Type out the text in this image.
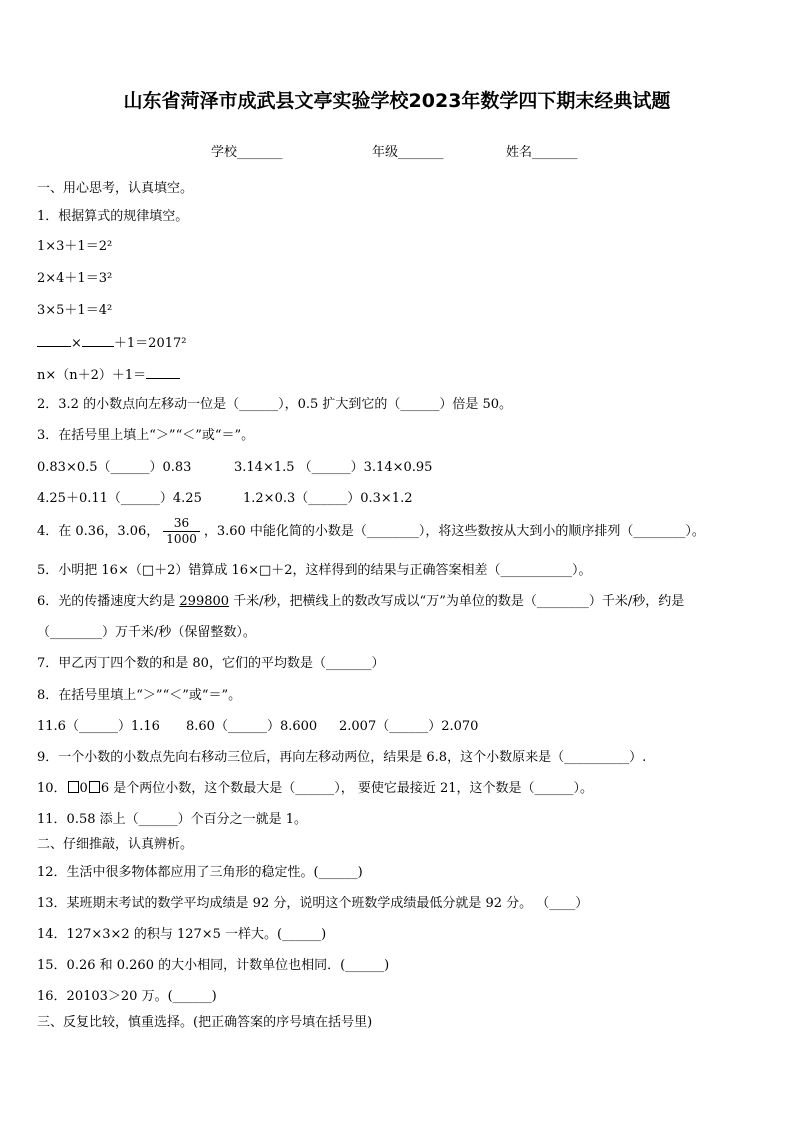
山东省菏泽市成武县文亭实验学校2023年数学四下期末经典试题
学校_______	年级_______	姓名_______
一、用心思考，认真填空。
1．根据算式的规律填空。
1×3＋1＝2²
2×4＋1＝3²
3×5＋1＝4²
× ＋1＝2017²
n×（n＋2）＋1＝
2．3.2 的小数点向左移动一位是（______），0.5 扩大到它的（______）倍是 50。
3．在括号里上填上“＞”“＜”或“＝”。
0.83×0.5（______）0.83	3.14×1.5 （______）3.14×0.95
4.25＋0.11（______）4.25	1.2×0.3（______）0.3×1.2
4．在 0.36，3.06， $\frac{36}{1000}$ ，3.60 中能化简的小数是（________），将这些数按从大到小的顺序排列（________）。
5．小明把 16×（□＋2）错算成 16×□＋2，这样得到的结果与正确答案相差（___________）。
6．光的传播速度大约是 299800 千米/秒，把横线上的数改写成以“万”为单位的数是（________）千米/秒，约是
（________）万千米/秒（保留整数）。
7．甲乙丙丁四个数的和是 80，它们的平均数是（_______）
8．在括号里填上“＞”“＜”或“＝”。
11.6（______）1.16 8.60（______）8.600 2.007（______）2.070
9．一个小数的小数点先向右移动三位后，再向左移动两位，结果是 6.8，这个小数原来是（__________）.
10． 0 6 是个两位小数，这个数最大是（______）， 要使它最接近 21，这个数是（______）。
11．0.58 添上（______）个百分之一就是 1。
二、仔细推敲，认真辨析。
12．生活中很多物体都应用了三角形的稳定性。(______)
13．某班期末考试的数学平均成绩是 92 分，说明这个班数学成绩最低分就是 92 分。 （____）
14．127×3×2 的积与 127×5 一样大。(______)
15．0.26 和 0.260 的大小相同，计数单位也相同．(______)
16．20103＞20 万。(______)
三、反复比较，慎重选择。(把正确答案的序号填在括号里)
